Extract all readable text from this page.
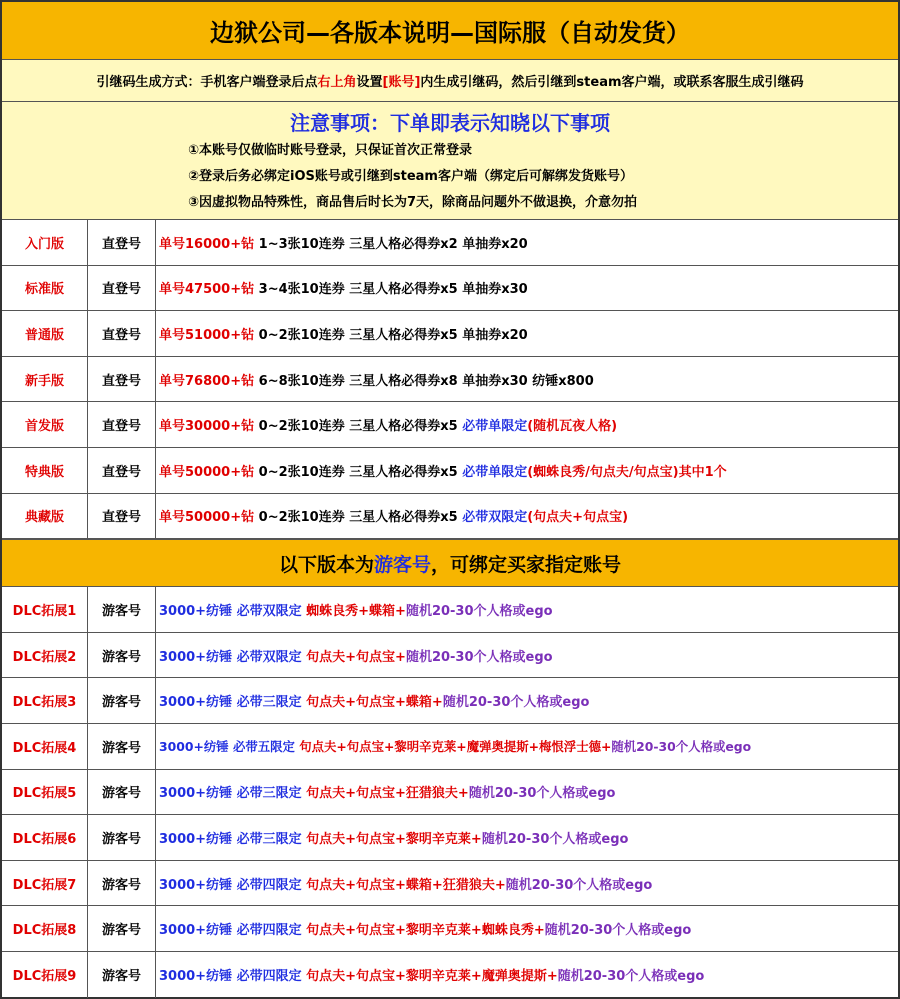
边狱公司—各版本说明—国际服（自动发货）
引继码生成方式：手机客户端登录后点 右上角 设置 [账号] 内生成引继码，然后引继到steam客户端，或联系客服生成引继码
注意事项：下单即表示知晓以下事项
①本账号仅做临时账号登录，只保证首次正常登录
②登录后务必绑定iOS账号或引继到steam客户端（绑定后可解绑发货账号）
③因虚拟物品特殊性，商品售后时长为7天，除商品问题外不做退换，介意勿拍
入门版	直登号	单号16000+钻
1~3张10连券 三星人格必得券x2 单抽券x20
标准版	直登号	单号47500+钻
3~4张10连券 三星人格必得券x5 单抽券x30
普通版	直登号	单号51000+钻
0~2张10连券 三星人格必得券x5 单抽券x20
新手版	直登号	单号76800+钻
6~8张10连券 三星人格必得券x8 单抽券x30 纺锤x800
首发版	直登号	单号30000+钻
0~2张10连券 三星人格必得券x5
必带单限定 (随机瓦夜人格)
特典版	直登号	单号50000+钻
0~2张10连券 三星人格必得券x5
必带单限定 (蜘蛛良秀/句点夫/句点宝)其中1个
典藏版	直登号	单号50000+钻
0~2张10连券 三星人格必得券x5
必带双限定 (句点夫+句点宝)
以下版本为 游客号 ，可绑定买家指定账号
DLC拓展1	游客号	3000+纺锤 必带双限定
蜘蛛良秀+蝶箱+ 随机20-30个人格或ego
DLC拓展2	游客号	3000+纺锤 必带双限定
句点夫+句点宝+ 随机20-30个人格或ego
DLC拓展3	游客号	3000+纺锤 必带三限定
句点夫+句点宝+蝶箱+ 随机20-30个人格或ego
DLC拓展4	游客号	3000+纺锤 必带五限定
句点夫+句点宝+黎明辛克莱+魔弹奥提斯+梅恨浮士德+ 随机20-30个人格或ego
DLC拓展5	游客号	3000+纺锤 必带三限定
句点夫+句点宝+狂猎狼夫+ 随机20-30个人格或ego
DLC拓展6	游客号	3000+纺锤 必带三限定
句点夫+句点宝+黎明辛克莱+ 随机20-30个人格或ego
DLC拓展7	游客号	3000+纺锤 必带四限定
句点夫+句点宝+蝶箱+狂猎狼夫+ 随机20-30个人格或ego
DLC拓展8	游客号	3000+纺锤 必带四限定
句点夫+句点宝+黎明辛克莱+蜘蛛良秀+ 随机20-30个人格或ego
DLC拓展9	游客号	3000+纺锤 必带四限定
句点夫+句点宝+黎明辛克莱+魔弹奥提斯+ 随机20-30个人格或ego
